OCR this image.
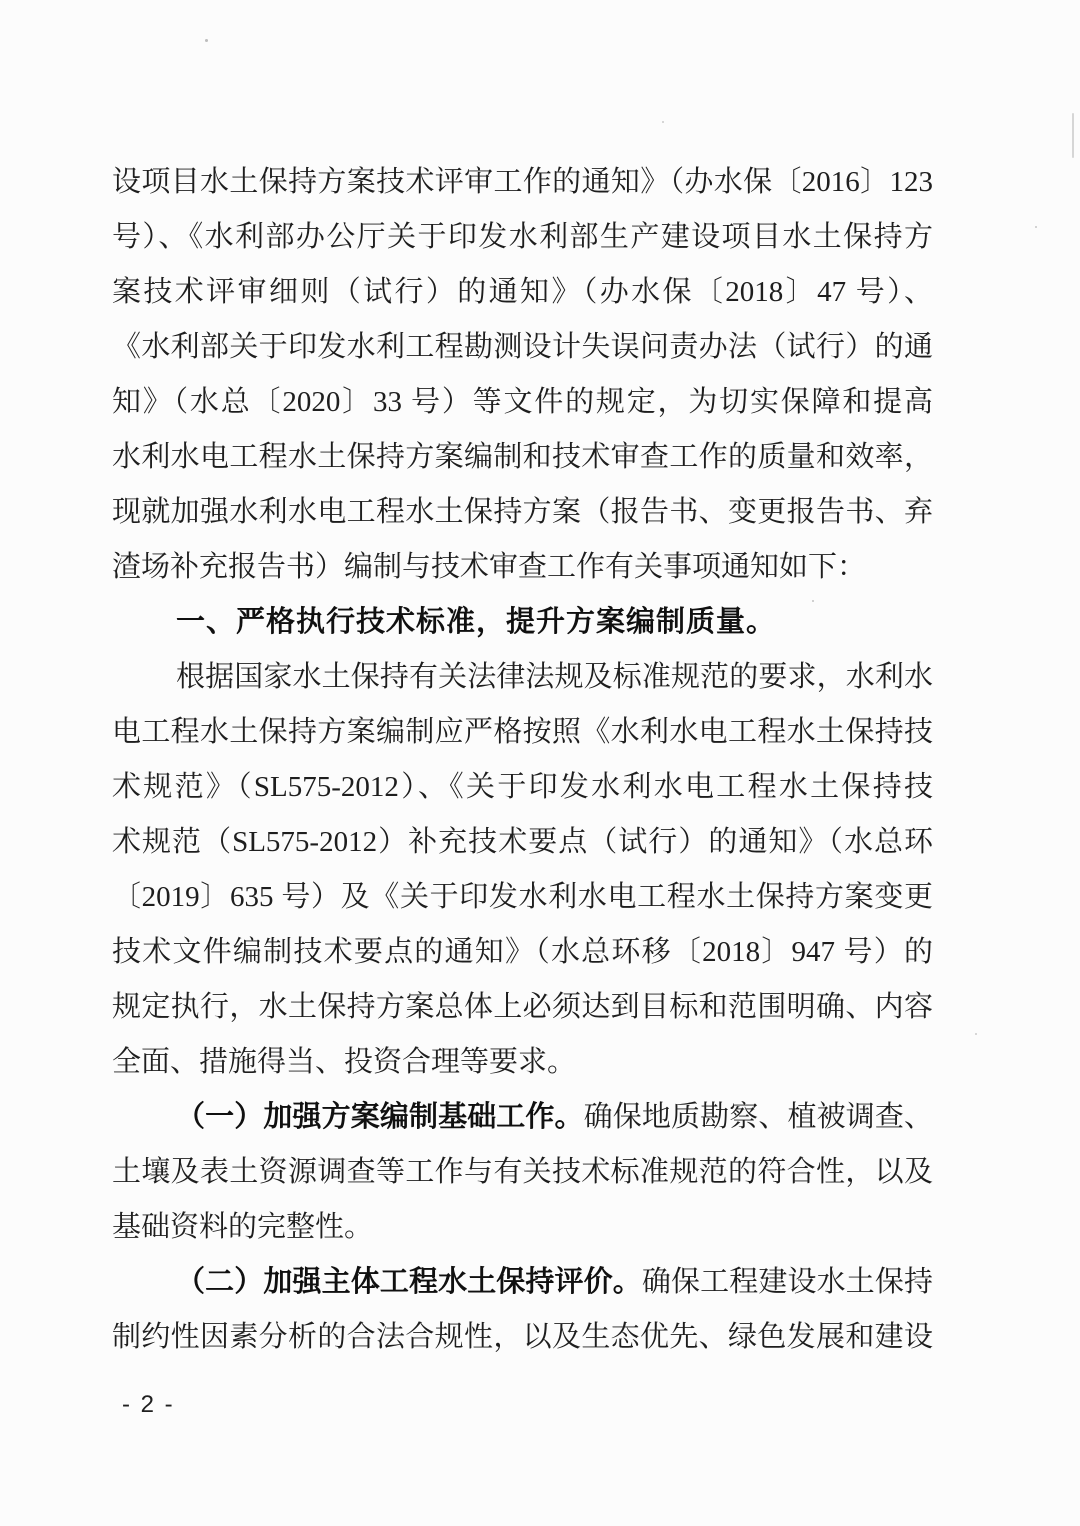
设项目水土保持方案技术评审工作的通知》（办水保〔2016〕123
号）、《水利部办公厅关于印发水利部生产建设项目水土保持方
案技术评审细则（试行）的通知》（办水保〔2018〕47 号）、
《水利部关于印发水利工程勘测设计失误问责办法（试行）的通
知》（水总〔2020〕33 号）等文件的规定，为切实保障和提高
水利水电工程水土保持方案编制和技术审查工作的质量和效率，
现就加强水利水电工程水土保持方案（报告书、变更报告书、弃
渣场补充报告书）编制与技术审查工作有关事项通知如下：
一、严格执行技术标准，提升方案编制质量。
根据国家水土保持有关法律法规及标准规范的要求，水利水
电工程水土保持方案编制应严格按照《水利水电工程水土保持技
术规范》（SL575-2012）、《关于印发水利水电工程水土保持技
术规范（SL575-2012）补充技术要点（试行）的通知》（水总环
〔2019〕635 号）及《关于印发水利水电工程水土保持方案变更
技术文件编制技术要点的通知》（水总环移〔2018〕947 号）的
规定执行，水土保持方案总体上必须达到目标和范围明确、内容
全面、措施得当、投资合理等要求。
（一）加强方案编制基础工作。确保地质勘察、植被调查、
土壤及表土资源调查等工作与有关技术标准规范的符合性，以及
基础资料的完整性。
（二）加强主体工程水土保持评价。确保工程建设水土保持
制约性因素分析的合法合规性，以及生态优先、绿色发展和建设
- 2 -
